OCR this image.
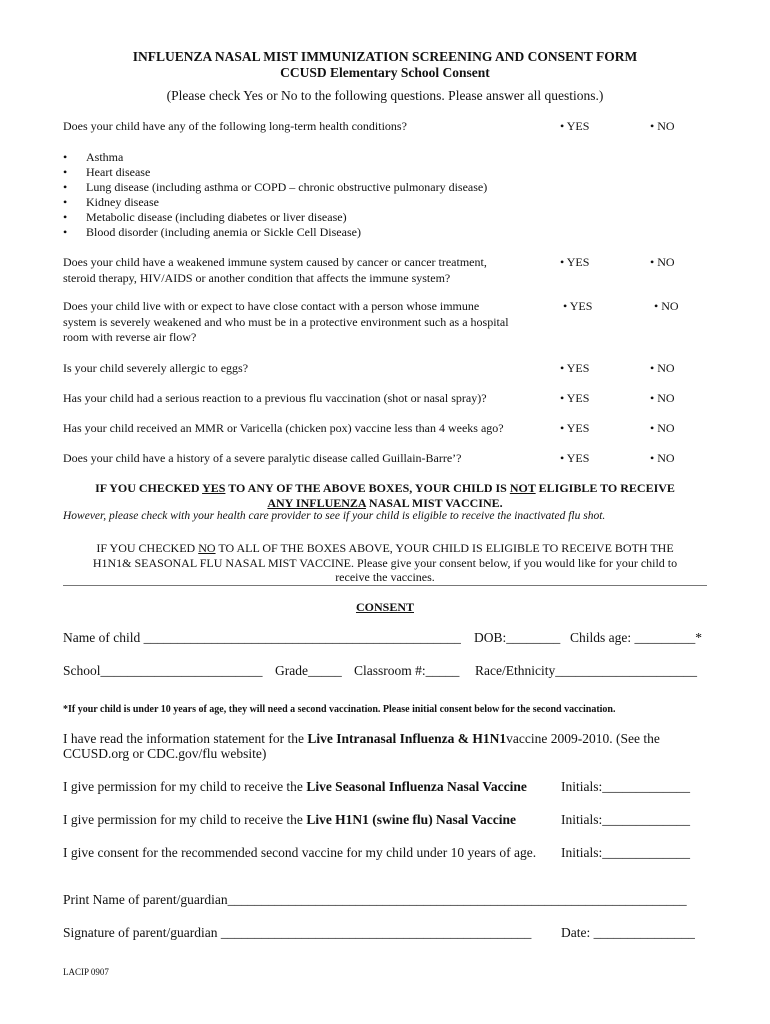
INFLUENZA NASAL MIST IMMUNIZATION SCREENING AND CONSENT FORM
CCUSD Elementary School Consent
(Please check Yes or No to the following questions. Please answer all questions.)
Does your child have any of the following long-term health conditions?	• YES	• NO
• Asthma
• Heart disease
• Lung disease (including asthma or COPD – chronic obstructive pulmonary disease)
• Kidney disease
• Metabolic disease (including diabetes or liver disease)
• Blood disorder (including anemia or Sickle Cell Disease)
Does your child have a weakened immune system caused by cancer or cancer treatment, steroid therapy, HIV/AIDS or another condition that affects the immune system?
• YES	• NO
Does your child live with or expect to have close contact with a person whose immune system is severely weakened and who must be in a protective environment such as a hospital room with reverse air flow?
• YES	• NO
Is your child severely allergic to eggs?	• YES	• NO
Has your child had a serious reaction to a previous flu vaccination (shot or nasal spray)?	• YES	• NO
Has your child received an MMR or Varicella (chicken pox) vaccine less than 4 weeks ago?	• YES	• NO
Does your child have a history of a severe paralytic disease called Guillain-Barre’?	• YES	• NO
IF YOU CHECKED YES TO ANY OF THE ABOVE BOXES, YOUR CHILD IS NOT ELIGIBLE TO RECEIVE
ANY INFLUENZA NASAL MIST VACCINE.
However, please check with your health care provider to see if your child is eligible to receive the inactivated flu shot.
IF YOU CHECKED NO TO ALL OF THE BOXES ABOVE, YOUR CHILD IS ELIGIBLE TO RECEIVE BOTH THE
H1N1& SEASONAL FLU NASAL MIST VACCINE. Please give your consent below, if you would like for your child to
receive the vaccines.
CONSENT
Name of child _______________________________________________ DOB:________ Childs age: _________*
School________________________ Grade_____ Classroom #:_____ Race/Ethnicity_____________________
*If your child is under 10 years of age, they will need a second vaccination. Please initial consent below for the second vaccination.
I have read the information statement for the Live Intranasal Influenza & H1N1vaccine 2009-2010. (See the
CCUSD.org or CDC.gov/flu website)
I give permission for my child to receive the Live Seasonal Influenza Nasal Vaccine	Initials:_____________
I give permission for my child to receive the Live H1N1 (swine flu) Nasal Vaccine	Initials:_____________
I give consent for the recommended second vaccine for my child under 10 years of age. Initials:_____________
Print Name of parent/guardian____________________________________________________________________
Signature of parent/guardian ______________________________________________ Date: _______________
LACIP 0907
